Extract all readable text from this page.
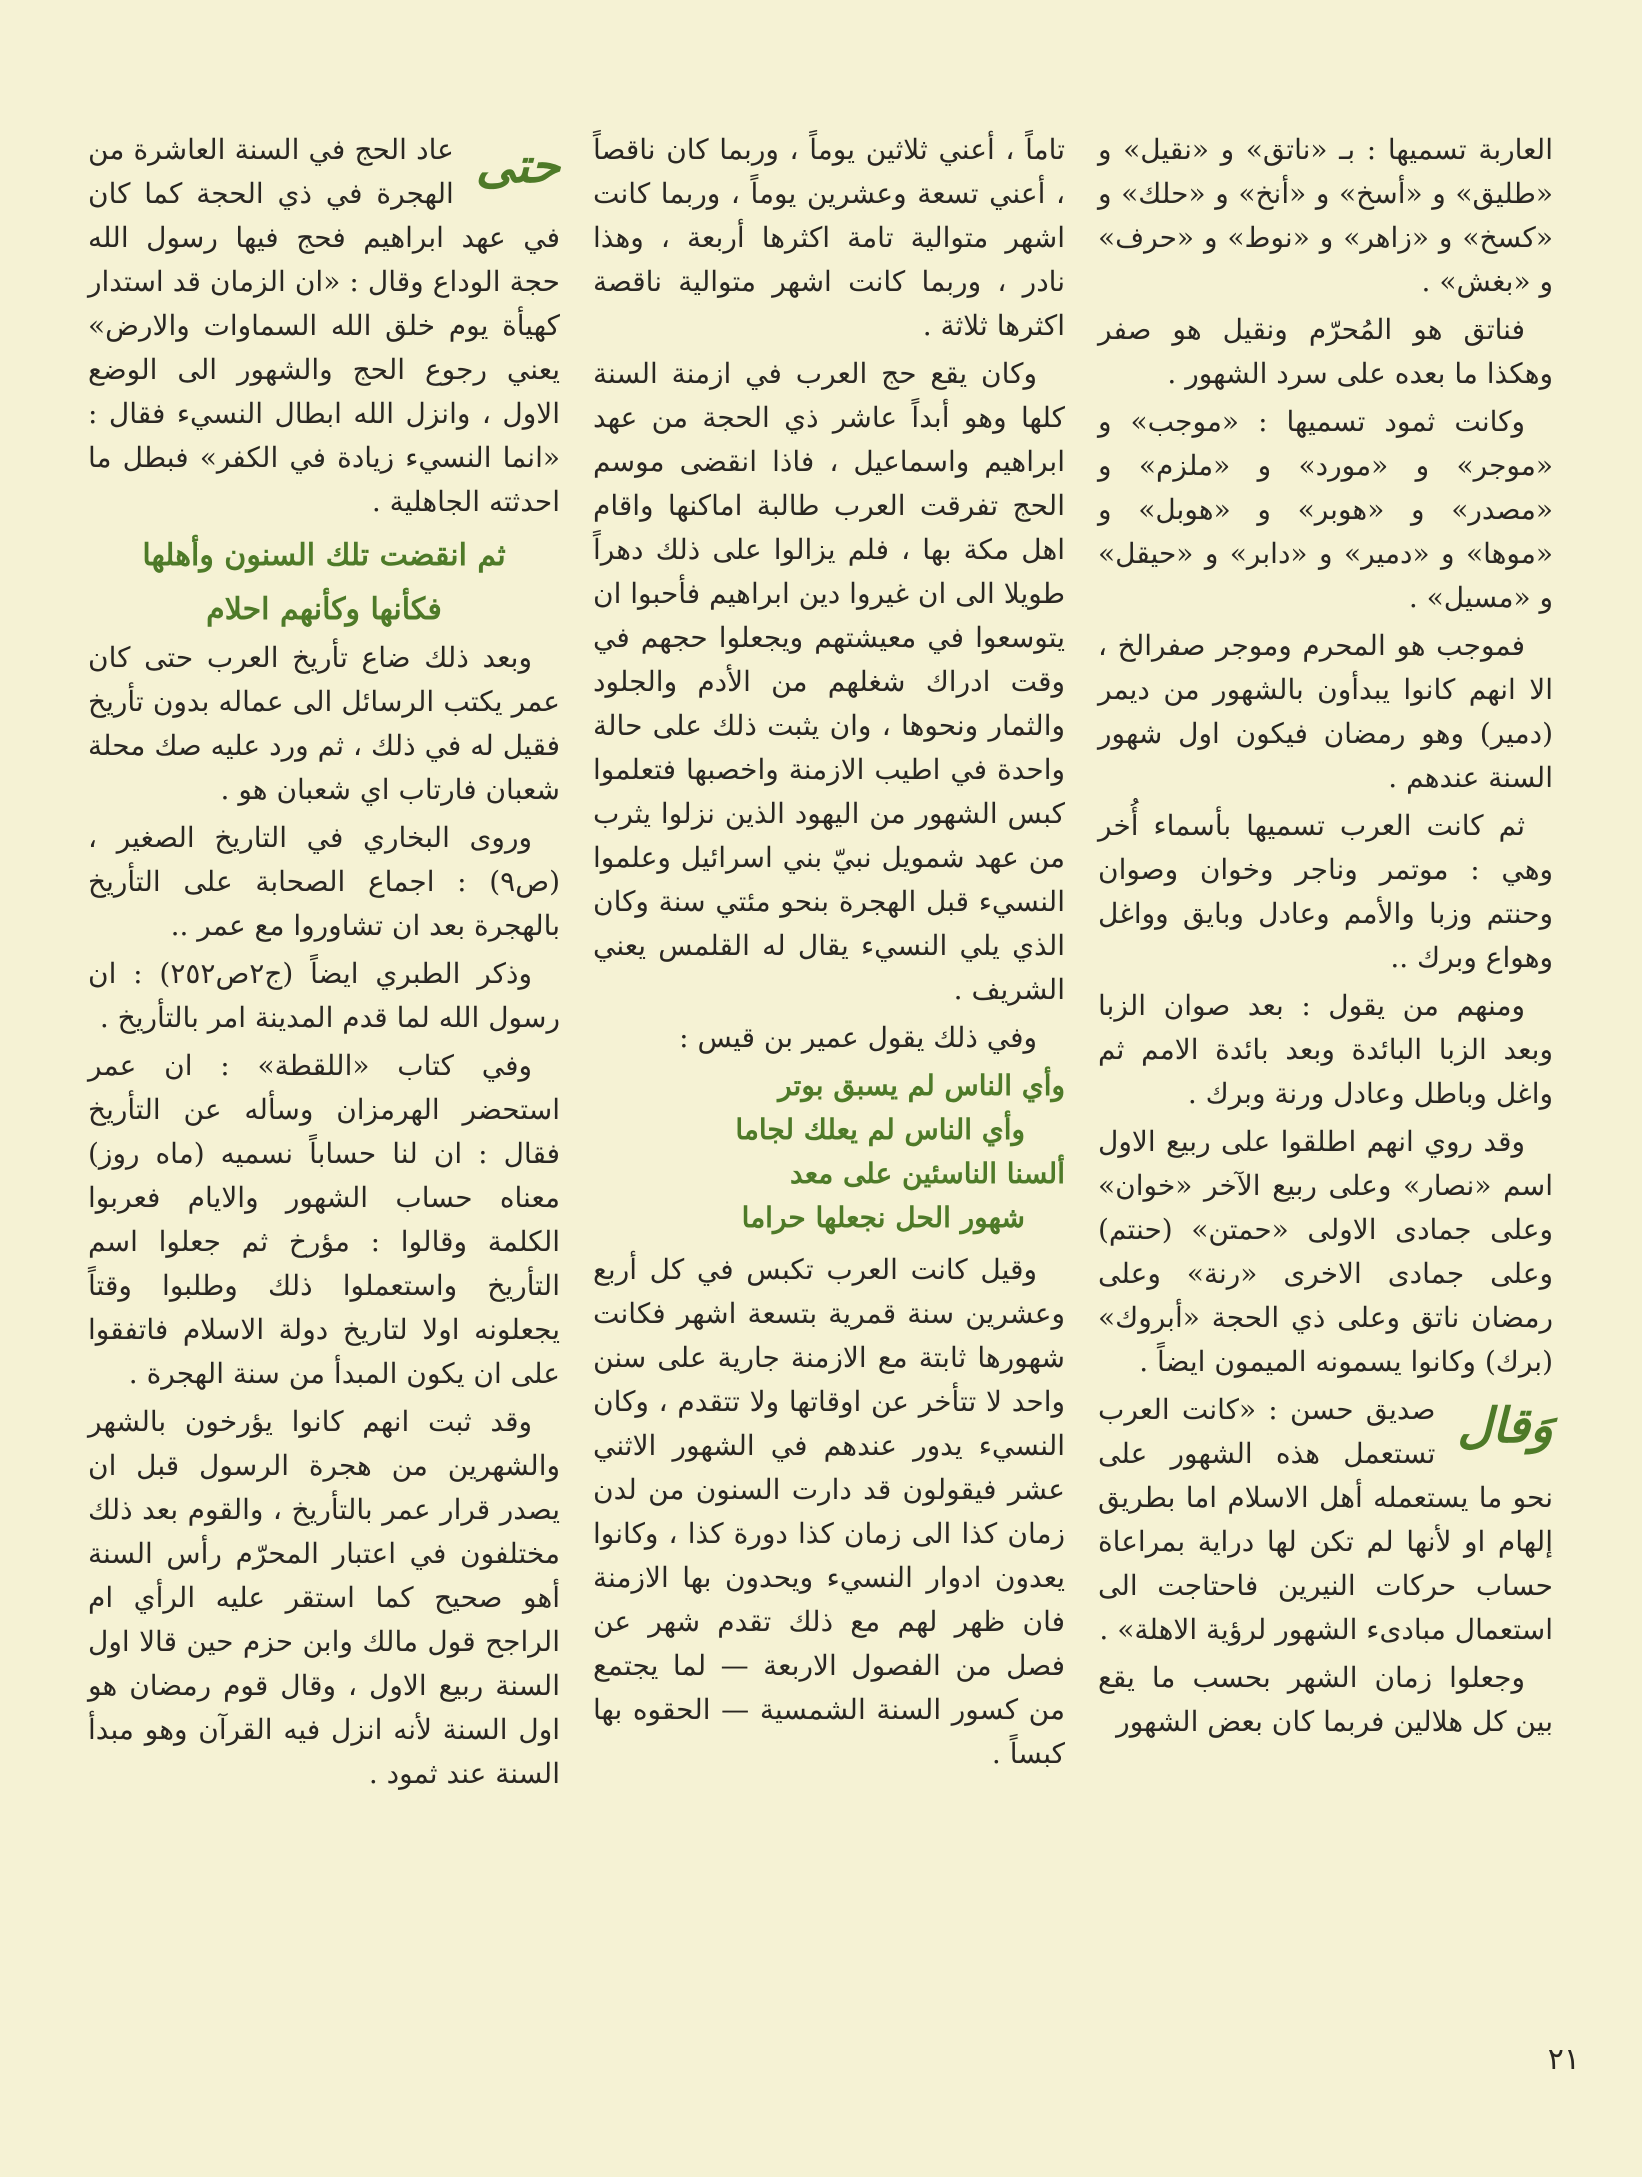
العاربة تسميها : بـ «ناتق» و «نقيل» و «طليق» و «أسخ» و «أنخ» و «حلك» و «كسخ» و «زاهر» و «نوط» و «حرف» و «بغش» .

فناتق هو المُحرّم ونقيل هو صفر وهكذا ما بعده على سرد الشهور .

وكانت ثمود تسميها : «موجب» و «موجر» و «مورد» و «ملزم» و «مصدر» و «هوبر» و «هوبل» و «موها» و «دمير» و «دابر» و «حيقل» و «مسيل» .

فموجب هو المحرم وموجر صفرالخ ، الا انهم كانوا يبدأون بالشهور من ديمر (دمير) وهو رمضان فيكون اول شهور السنة عندهم .

ثم كانت العرب تسميها بأسماء أُخر وهي : موتمر وناجر وخوان وصوان وحنتم وزبا والأمم وعادل وبايق وواغل وهواع وبرك ..

ومنهم من يقول : بعد صوان الزبا وبعد الزبا البائدة وبعد بائدة الامم ثم واغل وباطل وعادل ورنة وبرك .

وقد روي انهم اطلقوا على ربيع الاول اسم «نصار» وعلى ربيع الآخر «خوان» وعلى جمادى الاولى «حمتن» (حنتم) وعلى جمادى الاخرى «رنة» وعلى رمضان ناتق وعلى ذي الحجة «أبروك» (برك) وكانوا يسمونه الميمون ايضاً .

وَقال
صديق حسن : «كانت العرب تستعمل هذه الشهور على نحو ما يستعمله أهل الاسلام اما بطريق إلهام او لأنها لم تكن لها دراية بمراعاة حساب حركات النيرين فاحتاجت الى استعمال مبادىء الشهور لرؤية الاهلة» .

وجعلوا زمان الشهر بحسب ما يقع بين كل هلالين فربما كان بعض الشهور

تاماً ، أعني ثلاثين يوماً ، وربما كان ناقصاً ، أعني تسعة وعشرين يوماً ، وربما كانت اشهر متوالية تامة اكثرها أربعة ، وهذا نادر ، وربما كانت اشهر متوالية ناقصة اكثرها ثلاثة .

وكان يقع حج العرب في ازمنة السنة كلها وهو أبداً عاشر ذي الحجة من عهد ابراهيم واسماعيل ، فاذا انقضى موسم الحج تفرقت العرب طالبة اماكنها واقام اهل مكة بها ، فلم يزالوا على ذلك دهراً طويلا الى ان غيروا دين ابراهيم فأحبوا ان يتوسعوا في معيشتهم ويجعلوا حجهم في وقت ادراك شغلهم من الأدم والجلود والثمار ونحوها ، وان يثبت ذلك على حالة واحدة في اطيب الازمنة واخصبها فتعلموا كبس الشهور من اليهود الذين نزلوا يثرب من عهد شمويل نبيّ بني اسرائيل وعلموا النسيء قبل الهجرة بنحو مئتي سنة وكان الذي يلي النسيء يقال له القلمس يعني الشريف .

وفي ذلك يقول عمير بن قيس :

وأي الناس لم يسبق بوتر
وأي الناس لم يعلك لجاما
ألسنا الناسئين على معد
شهور الحل نجعلها حراما

وقيل كانت العرب تكبس في كل أربع وعشرين سنة قمرية بتسعة اشهر فكانت شهورها ثابتة مع الازمنة جارية على سنن واحد لا تتأخر عن اوقاتها ولا تتقدم ، وكان النسيء يدور عندهم في الشهور الاثني عشر فيقولون قد دارت السنون من لدن زمان كذا الى زمان كذا دورة كذا ، وكانوا يعدون ادوار النسيء ويحدون بها الازمنة فان ظهر لهم مع ذلك تقدم شهر عن فصل من الفصول الاربعة — لما يجتمع من كسور السنة الشمسية — الحقوه بها كبساً .

حتى
عاد الحج في السنة العاشرة من الهجرة في ذي الحجة كما كان في عهد ابراهيم فحج فيها رسول الله حجة الوداع وقال : «ان الزمان قد استدار كهيأة يوم خلق الله السماوات والارض» يعني رجوع الحج والشهور الى الوضع الاول ، وانزل الله ابطال النسيء فقال : «انما النسيء زيادة في الكفر» فبطل ما احدثته الجاهلية .

ثم انقضت تلك السنون وأهلها
فكأنها وكأنهم احلام

وبعد ذلك ضاع تأريخ العرب حتى كان عمر يكتب الرسائل الى عماله بدون تأريخ فقيل له في ذلك ، ثم ورد عليه صك محلة شعبان فارتاب اي شعبان هو .

وروى البخاري في التاريخ الصغير ، (ص٩) : اجماع الصحابة على التأريخ بالهجرة بعد ان تشاوروا مع عمر ..

وذكر الطبري ايضاً (ج٢ص٢٥٢) : ان رسول الله لما قدم المدينة امر بالتأريخ .

وفي كتاب «اللقطة» : ان عمر استحضر الهرمزان وسأله عن التأريخ فقال : ان لنا حساباً نسميه (ماه روز) معناه حساب الشهور والايام فعربوا الكلمة وقالوا : مؤرخ ثم جعلوا اسم التأريخ واستعملوا ذلك وطلبوا وقتاً يجعلونه اولا لتاريخ دولة الاسلام فاتفقوا على ان يكون المبدأ من سنة الهجرة .

وقد ثبت انهم كانوا يؤرخون بالشهر والشهرين من هجرة الرسول قبل ان يصدر قرار عمر بالتأريخ ، والقوم بعد ذلك مختلفون في اعتبار المحرّم رأس السنة أهو صحيح كما استقر عليه الرأي ام الراجح قول مالك وابن حزم حين قالا اول السنة ربيع الاول ، وقال قوم رمضان هو اول السنة لأنه انزل فيه القرآن وهو مبدأ السنة عند ثمود .

٢١
